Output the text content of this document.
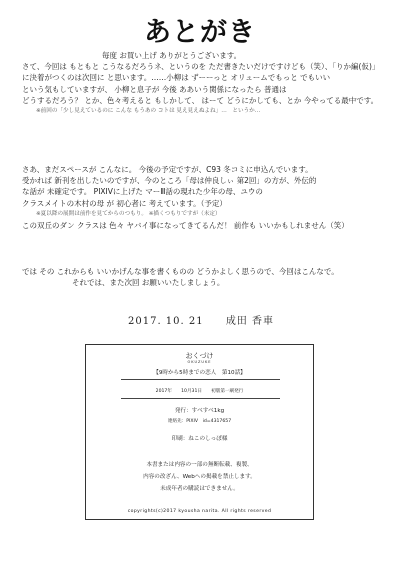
あとがき
毎度 お買い上げ ありがとうございます。
さて、今回は もともと こうなるだろうネ、というのを ただ書きたいだけですけども（笑）、「りか編(仮)」
に決着がつくのは次回に と思います。……小柳は ずーーっと オリュームでもっと でもいい
という気もしていますが、 小柳と息子が 今後 ああいう関係になったら 普通は
どうするだろう？ とか、色々考えると もしかして、 はーて どうにかしても、とか 今やってる最中です。
※前回の「少し見えているのに こんな もうあの コトは 見え見えぬよね」…　というか…
さあ、まだスペースが こんなに。 今後の予定ですが、C93 冬コミに申込んでいます。
受かれば 新刊を出したいのですが、今のところ「母は仲良しぃ 第2回」の方が、外伝的
な話が 未確定です。 PIXIVに上げた マーⅢ話の現れた少年の母、ユウの
クラスメイトの木村の母 が 初心者に 考えています。（予定）
※夏以降の展開は前作を見てからのつもり。 ※描くつもりですが（未定）
この双丘のダン クラスは 色々 ヤバイ事になってきてるんだ！ 前作も いいかもしれません（笑）
では その これからも いいかげんな事を書くものの どうかよしく思うので、今回はこんなで。
それでは、また次回 お願いいたしましょう。
2017. 10. 21 成田 香車
おくづけ
OKUZUKE
【9時から5時までの恋人　第10話】
2017年　　10月31日　　初版第一刷発行
発行：すべすべ1kg
連絡先：PIXIV　id=4317657
印刷：ねこのしっぽ様
本書または内容の一部の無断転載、複製、
内容の改ざん、Webへの掲載を禁止します。
未成年者の購読はできません。
copyrights(c)2017 kyousha narita. All rights reserved
